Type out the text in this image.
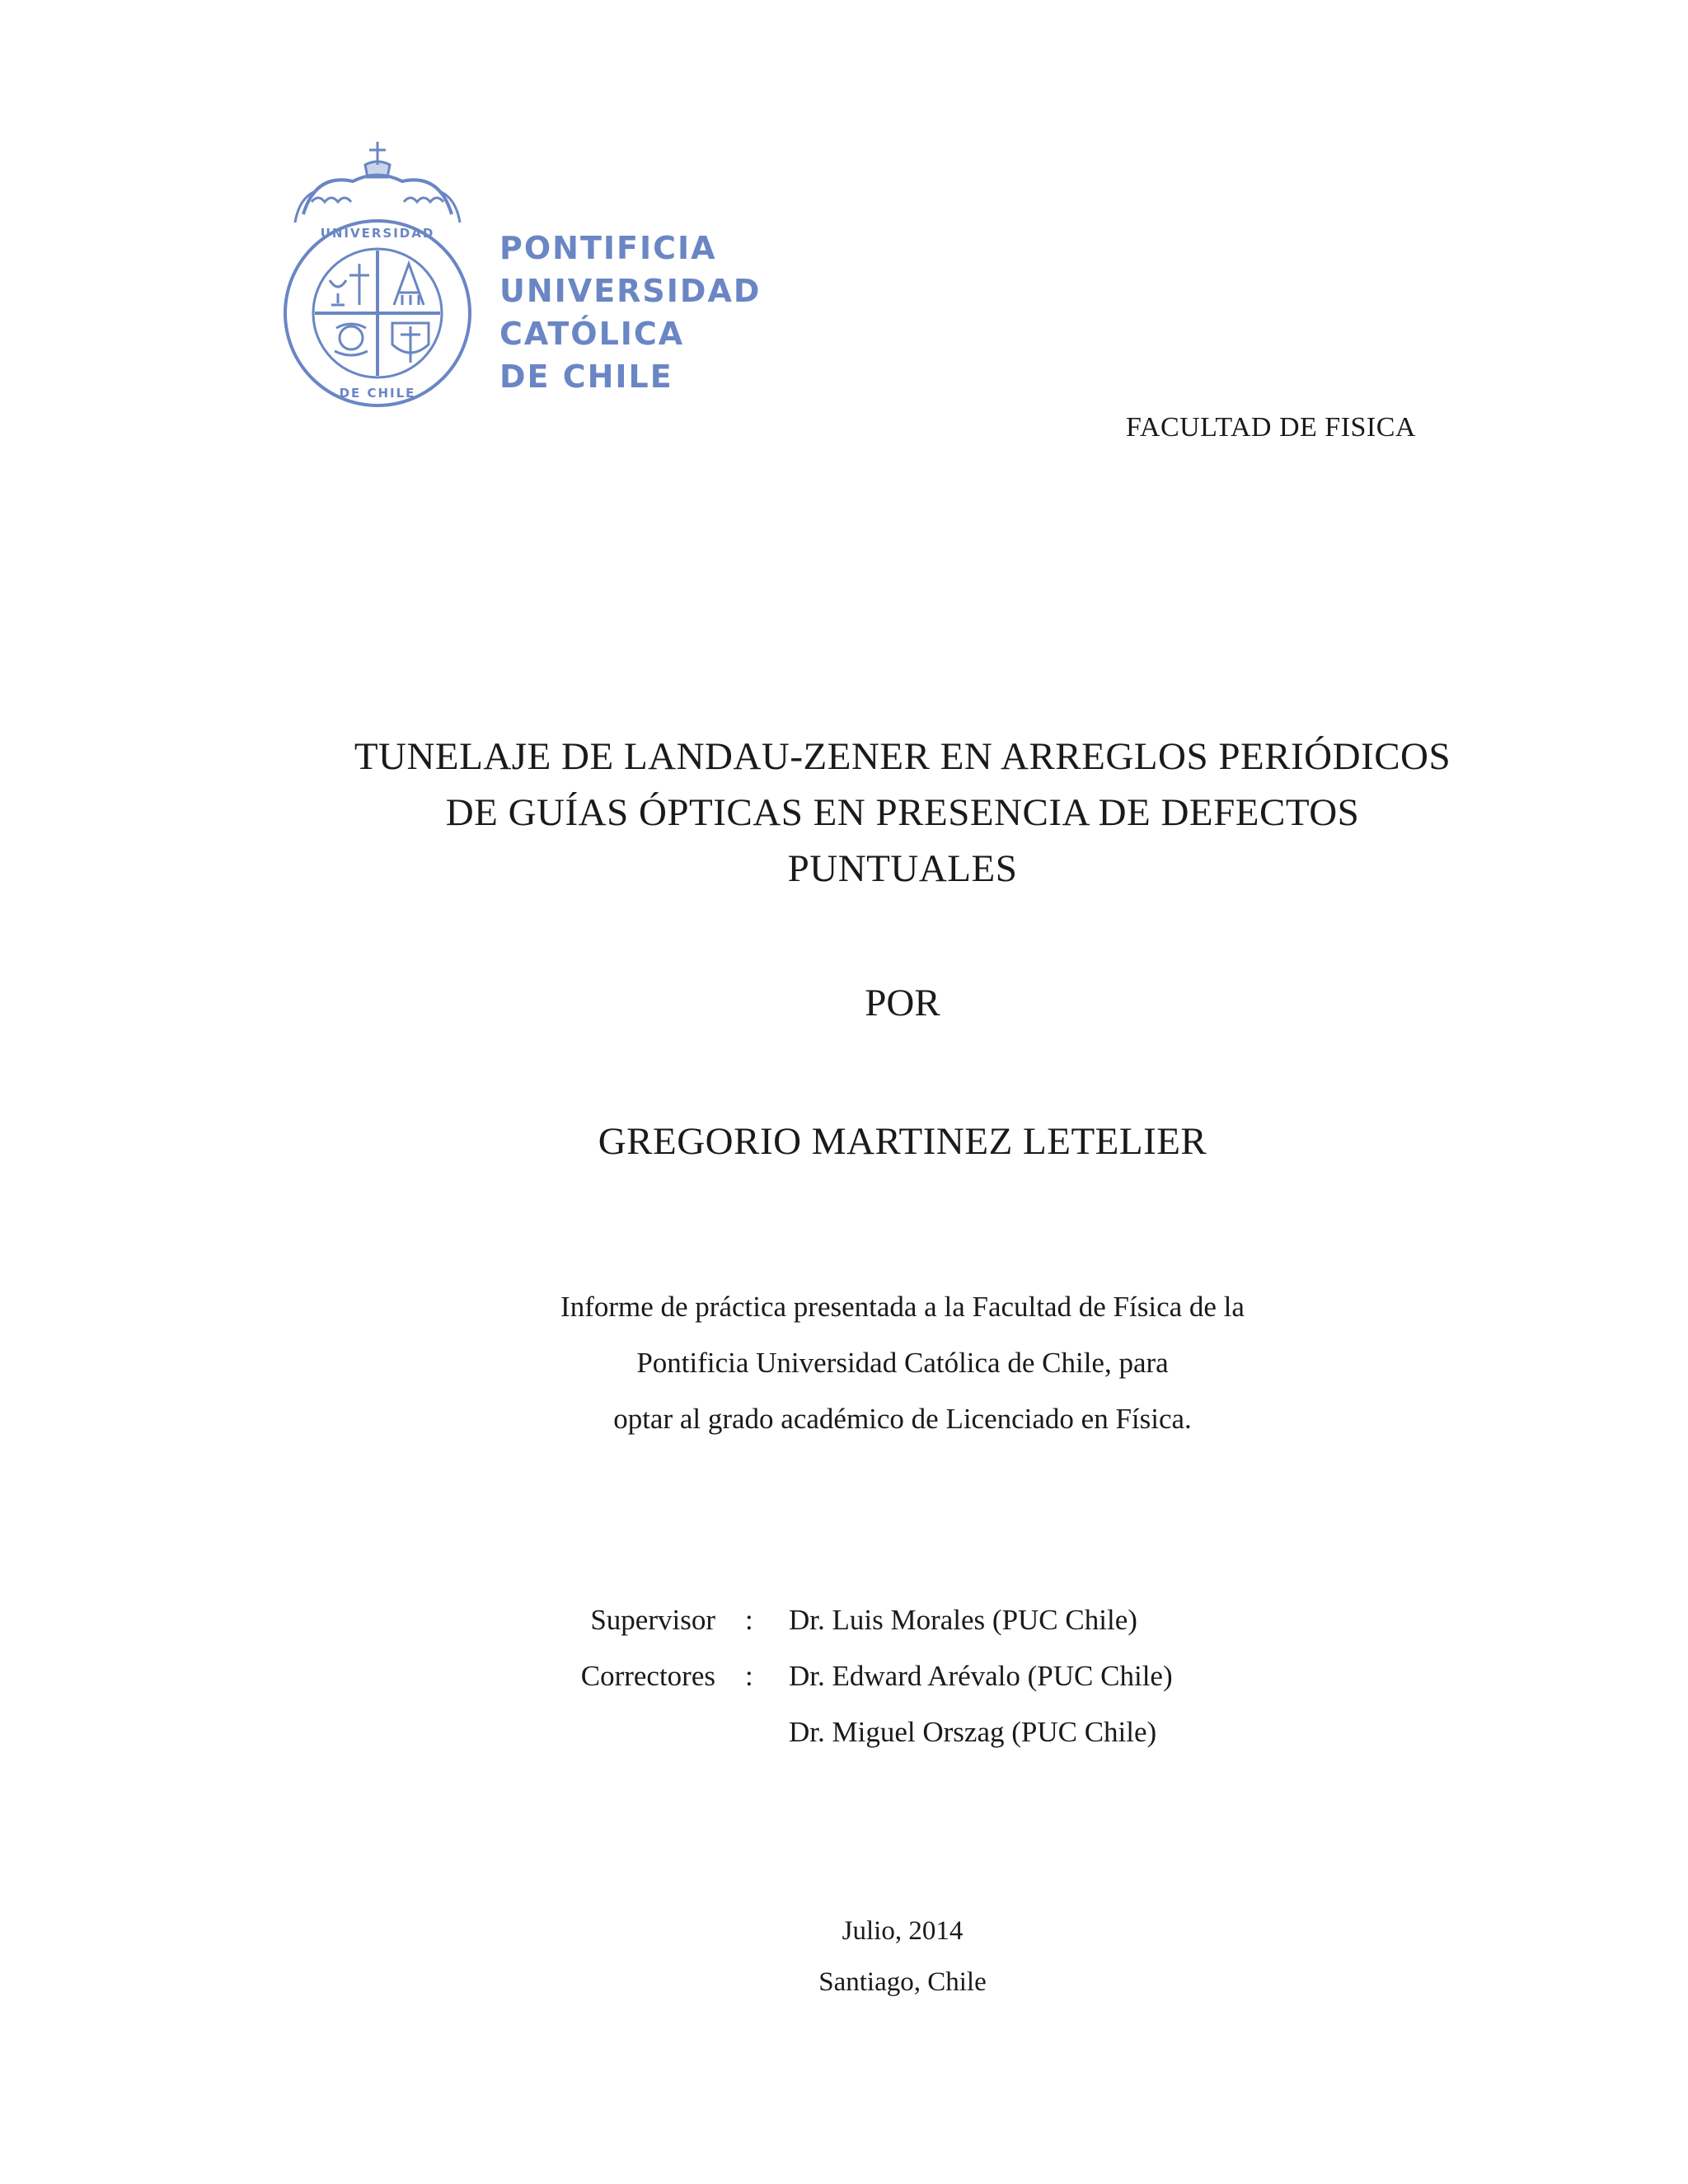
UNIVERSIDAD
DE CHILE
PONTIFICIA
UNIVERSIDAD
CATÓLICA
DE CHILE
FACULTAD DE FISICA
TUNELAJE DE LANDAU-ZENER EN ARREGLOS PERIÓDICOS
DE GUÍAS ÓPTICAS EN PRESENCIA DE DEFECTOS
PUNTUALES
POR
GREGORIO MARTINEZ LETELIER
Informe de práctica presentada a la Facultad de Física de la
Pontificia Universidad Católica de Chile, para
optar al grado académico de Licenciado en Física.
Supervisor : Dr. Luis Morales (PUC Chile)
Correctores : Dr. Edward Arévalo (PUC Chile)
Dr. Miguel Orszag (PUC Chile)
Julio, 2014
Santiago, Chile
